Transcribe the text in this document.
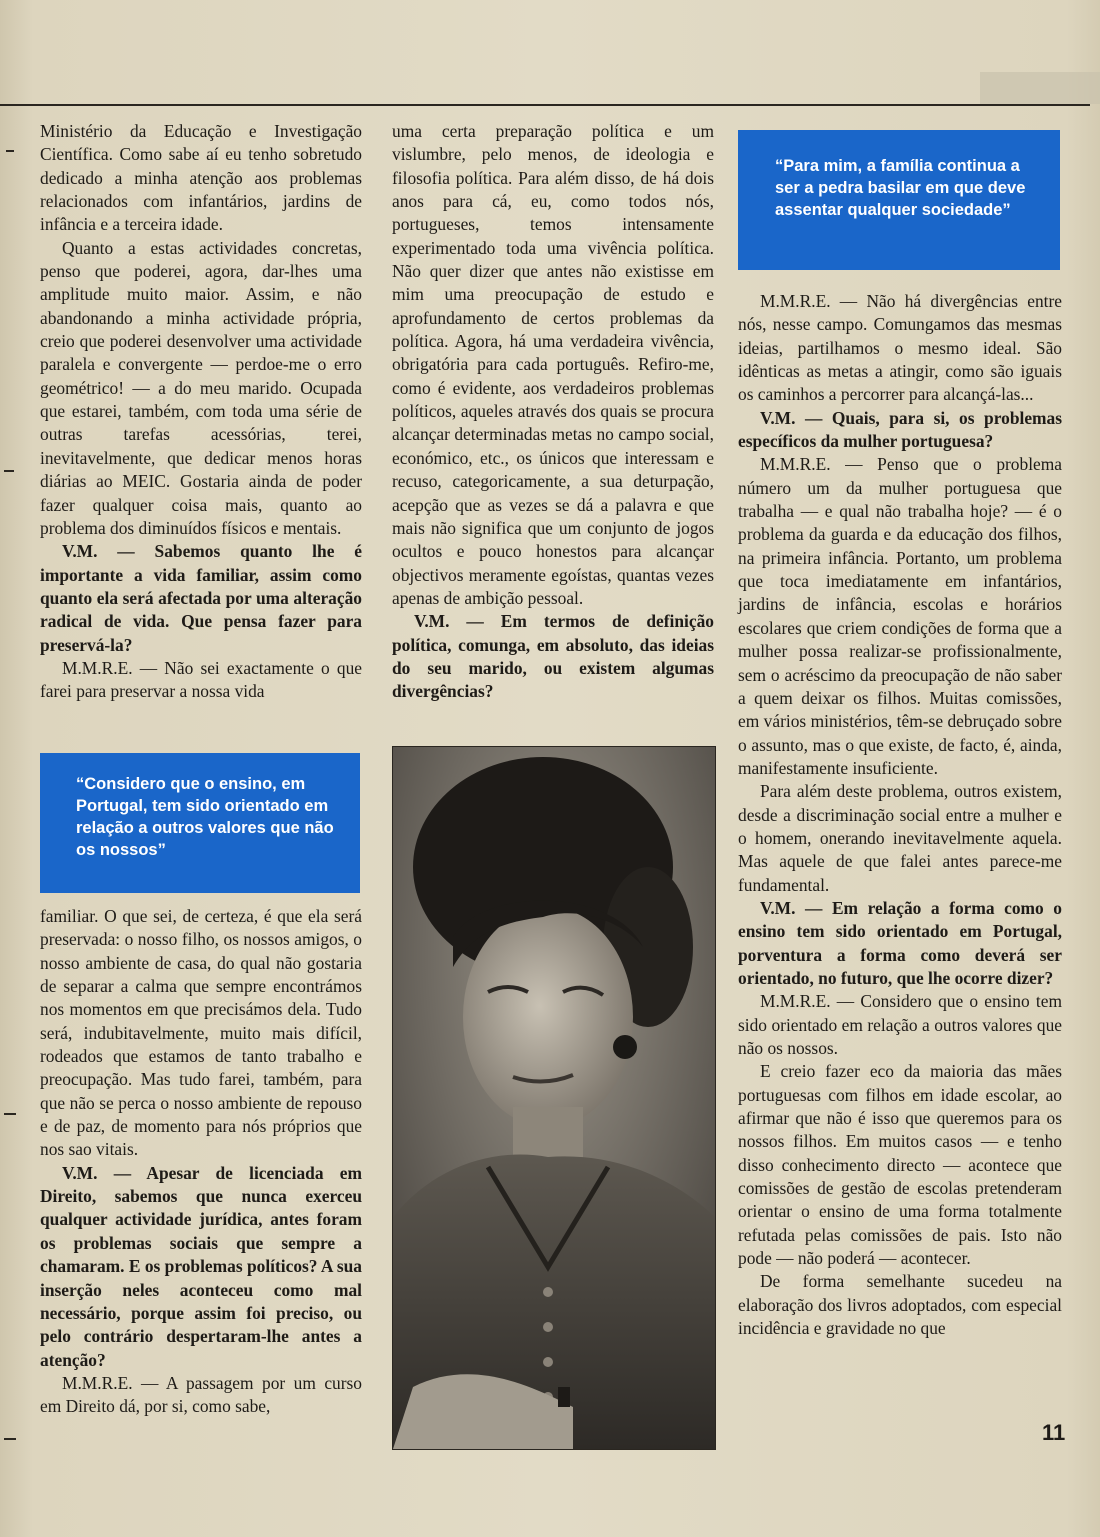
Ministério da Educação e Investigação Científica. Como sabe aí eu tenho sobretudo dedicado a minha atenção aos problemas relacionados com infantários, jardins de infância e a terceira idade.

Quanto a estas actividades concretas, penso que poderei, agora, dar-lhes uma amplitude muito maior. Assim, e não abandonando a minha actividade própria, creio que poderei desenvolver uma actividade paralela e convergente — perdoe-me o erro geométrico! — a do meu marido. Ocupada que estarei, também, com toda uma série de outras tarefas acessórias, terei, inevitavelmente, que dedicar menos horas diárias ao MEIC. Gostaria ainda de poder fazer qualquer coisa mais, quanto ao problema dos diminuídos físicos e mentais.

V.M. — Sabemos quanto lhe é importante a vida familiar, assim como quanto ela será afectada por uma alteração radical de vida. Que pensa fazer para preservá-la?

M.M.R.E. — Não sei exactamente o que farei para preservar a nossa vida

“Considero que o ensino, em Portugal, tem sido orientado em relação a outros valores que não os nossos”

familiar. O que sei, de certeza, é que ela será preservada: o nosso filho, os nossos amigos, o nosso ambiente de casa, do qual não gostaria de separar a calma que sempre encontrámos nos momentos em que precisámos dela. Tudo será, indubitavelmente, muito mais difícil, rodeados que estamos de tanto trabalho e preocupação. Mas tudo farei, também, para que não se perca o nosso ambiente de repouso e de paz, de momento para nós próprios que nos sao vitais.

V.M. — Apesar de licenciada em Direito, sabemos que nunca exerceu qualquer actividade jurídica, antes foram os problemas sociais que sempre a chamaram. E os problemas políticos? A sua inserção neles aconteceu como mal necessário, porque assim foi preciso, ou pelo contrário despertaram-lhe antes a atenção?

M.M.R.E. — A passagem por um curso em Direito dá, por si, como sabe,

uma certa preparação política e um vislumbre, pelo menos, de ideologia e filosofia política. Para além disso, de há dois anos para cá, eu, como todos nós, portugueses, temos intensamente experimentado toda uma vivência política. Não quer dizer que antes não existisse em mim uma preocupação de estudo e aprofundamento de certos problemas da política. Agora, há uma verdadeira vivência, obrigatória para cada português. Refiro-me, como é evidente, aos verdadeiros problemas políticos, aqueles através dos quais se procura alcançar determinadas metas no campo social, económico, etc., os únicos que interessam e recuso, categoricamente, a sua deturpação, acepção que as vezes se dá a palavra e que mais não significa que um conjunto de jogos ocultos e pouco honestos para alcançar objectivos meramente egoístas, quantas vezes apenas de ambição pessoal.

V.M. — Em termos de definição política, comunga, em absoluto, das ideias do seu marido, ou existem algumas divergências?

“Para mim, a família continua a ser a pedra basilar em que deve assentar qualquer sociedade”

M.M.R.E. — Não há divergências entre nós, nesse campo. Comungamos das mesmas ideias, partilhamos o mesmo ideal. São idênticas as metas a atingir, como são iguais os caminhos a percorrer para alcançá-las...

V.M. — Quais, para si, os problemas específicos da mulher portuguesa?

M.M.R.E. — Penso que o problema número um da mulher portuguesa que trabalha — e qual não trabalha hoje? — é o problema da guarda e da educação dos filhos, na primeira infância. Portanto, um problema que toca imediatamente em infantários, jardins de infância, escolas e horários escolares que criem condições de forma que a mulher possa realizar-se profissionalmente, sem o acréscimo da preocupação de não saber a quem deixar os filhos. Muitas comissões, em vários ministérios, têm-se debruçado sobre o assunto, mas o que existe, de facto, é, ainda, manifestamente insuficiente.

Para além deste problema, outros existem, desde a discriminação social entre a mulher e o homem, onerando inevitavelmente aquela. Mas aquele de que falei antes parece-me fundamental.

V.M. — Em relação a forma como o ensino tem sido orientado em Portugal, porventura a forma como deverá ser orientado, no futuro, que lhe ocorre dizer?

M.M.R.E. — Considero que o ensino tem sido orientado em relação a outros valores que não os nossos.

E creio fazer eco da maioria das mães portuguesas com filhos em idade escolar, ao afirmar que não é isso que queremos para os nossos filhos. Em muitos casos — e tenho disso conhecimento directo — acontece que comissões de gestão de escolas pretenderam orientar o ensino de uma forma totalmente refutada pelas comissões de pais. Isto não pode — não poderá — acontecer.

De forma semelhante sucedeu na elaboração dos livros adoptados, com especial incidência e gravidade no que

11
